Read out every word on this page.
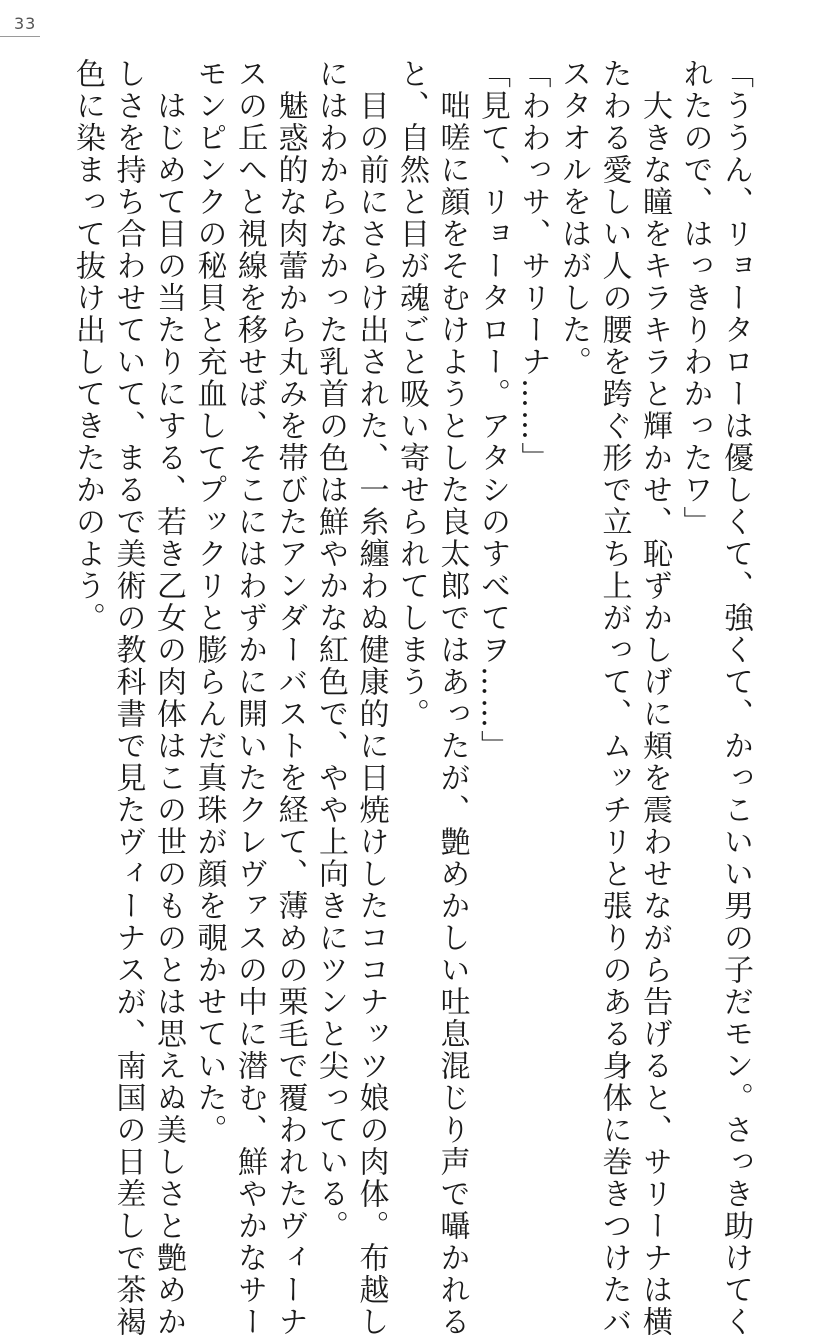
33

「ううん、リョータローは優しくて、強くて、かっこいい男の子だモン。さっき助けてく
れたので、はっきりわかったワ」

　大きな瞳をキラキラと輝かせ、恥ずかしげに頬を震わせながら告げると、サリーナは横
たわる愛しい人の腰を跨ぐ形で立ち上がって、ムッチリと張りのある身体に巻きつけたバ
スタオルをはがした。

「わわっサ、サリーナ……」

「見て、リョータロー。アタシのすべてヲ……」

　咄嗟に顔をそむけようとした良太郎ではあったが、艶めかしい吐息混じり声で囁かれる
と、自然と目が魂ごと吸い寄せられてしまう。

　目の前にさらけ出された、一糸纏わぬ健康的に日焼けしたココナッツ娘の肉体。布越し
にはわからなかった乳首の色は鮮やかな紅色で、やや上向きにツンと尖っている。

　魅惑的な肉蕾から丸みを帯びたアンダーバストを経て、薄めの栗毛で覆われたヴィーナ
スの丘へと視線を移せば、そこにはわずかに開いたクレヴァスの中に潜む、鮮やかなサー
モンピンクの秘貝と充血してプックリと膨らんだ真珠が顔を覗かせていた。

　はじめて目の当たりにする、若き乙女の肉体はこの世のものとは思えぬ美しさと艶めか
しさを持ち合わせていて、まるで美術の教科書で見たヴィーナスが、南国の日差しで茶褐
色に染まって抜け出してきたかのよう。
